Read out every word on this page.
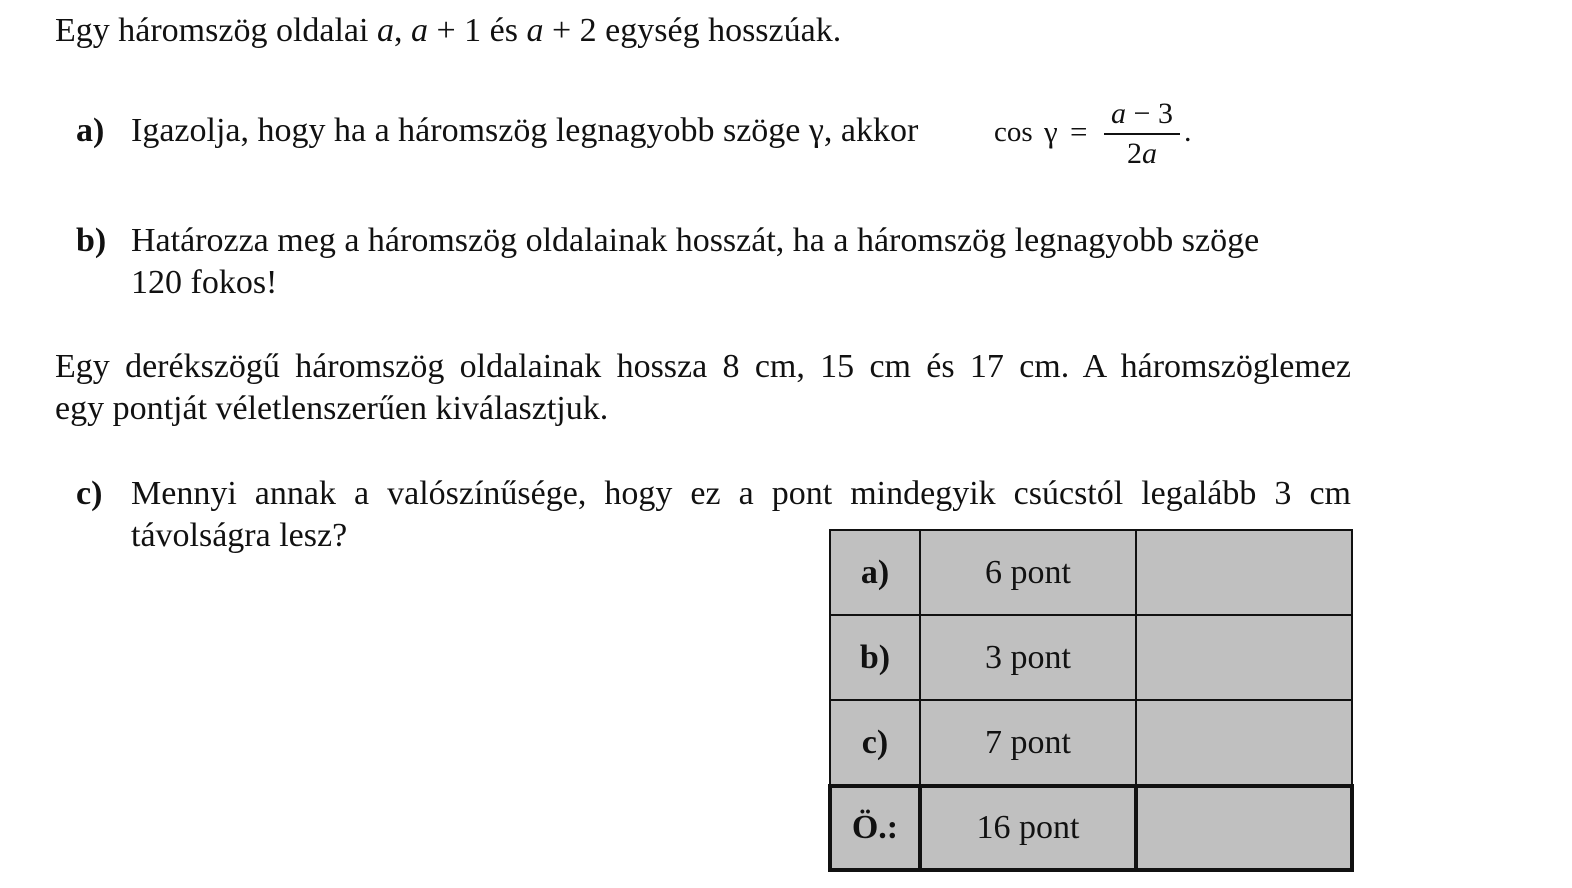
Egy háromszög oldalai a, a + 1 és a + 2 egység hosszúak.
a) Igazolja, hogy ha a háromszög legnagyobb szöge γ, akkor	cos γ =
a − 3
2a
.
b) Határozza meg a háromszög oldalainak hosszát, ha a háromszög legnagyobb szöge
120 fokos!
Egy derékszögű háromszög oldalainak hossza 8 cm, 15 cm és 17 cm. A háromszöglemez
egy pontját véletlenszerűen kiválasztjuk.
c) Mennyi annak a valószínűsége, hogy ez a pont mindegyik csúcstól legalább 3 cm
távolságra lesz?
a)	6 pont	
b)	3 pont	
c)	7 pont	
Ö.:	16 pont	
